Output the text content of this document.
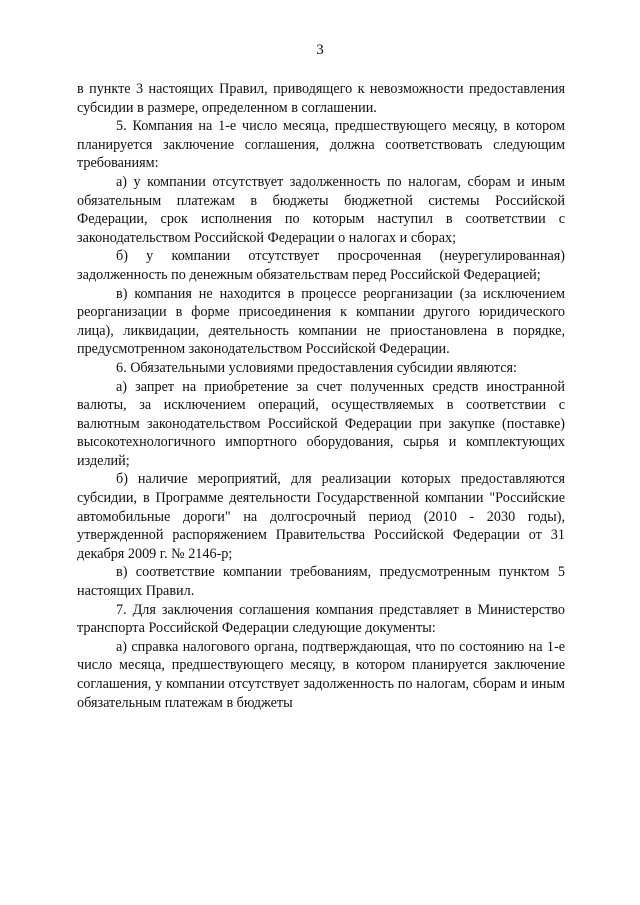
3

в пункте 3 настоящих Правил, приводящего к невозможности предоставления субсидии в размере, определенном в соглашении.

5. Компания на 1-е число месяца, предшествующего месяцу, в котором планируется заключение соглашения, должна соответствовать следующим требованиям:

а) у компании отсутствует задолженность по налогам, сборам и иным обязательным платежам в бюджеты бюджетной системы Российской Федерации, срок исполнения по которым наступил в соответствии с законодательством Российской Федерации о налогах и сборах;

б) у компании отсутствует просроченная (неурегулированная) задолженность по денежным обязательствам перед Российской Федерацией;

в) компания не находится в процессе реорганизации (за исключением реорганизации в форме присоединения к компании другого юридического лица), ликвидации, деятельность компании не приостановлена в порядке, предусмотренном законодательством Российской Федерации.

6. Обязательными условиями предоставления субсидии являются:

а) запрет на приобретение за счет полученных средств иностранной валюты, за исключением операций, осуществляемых в соответствии с валютным законодательством Российской Федерации при закупке (поставке) высокотехнологичного импортного оборудования, сырья и комплектующих изделий;

б) наличие мероприятий, для реализации которых предоставляются субсидии, в Программе деятельности Государственной компании "Российские автомобильные дороги" на долгосрочный период (2010 - 2030 годы), утвержденной распоряжением Правительства Российской Федерации от 31 декабря 2009 г. № 2146-р;

в) соответствие компании требованиям, предусмотренным пунктом 5 настоящих Правил.

7. Для заключения соглашения компания представляет в Министерство транспорта Российской Федерации следующие документы:

а) справка налогового органа, подтверждающая, что по состоянию на 1-е число месяца, предшествующего месяцу, в котором планируется заключение соглашения, у компании отсутствует задолженность по налогам, сборам и иным обязательным платежам в бюджеты
